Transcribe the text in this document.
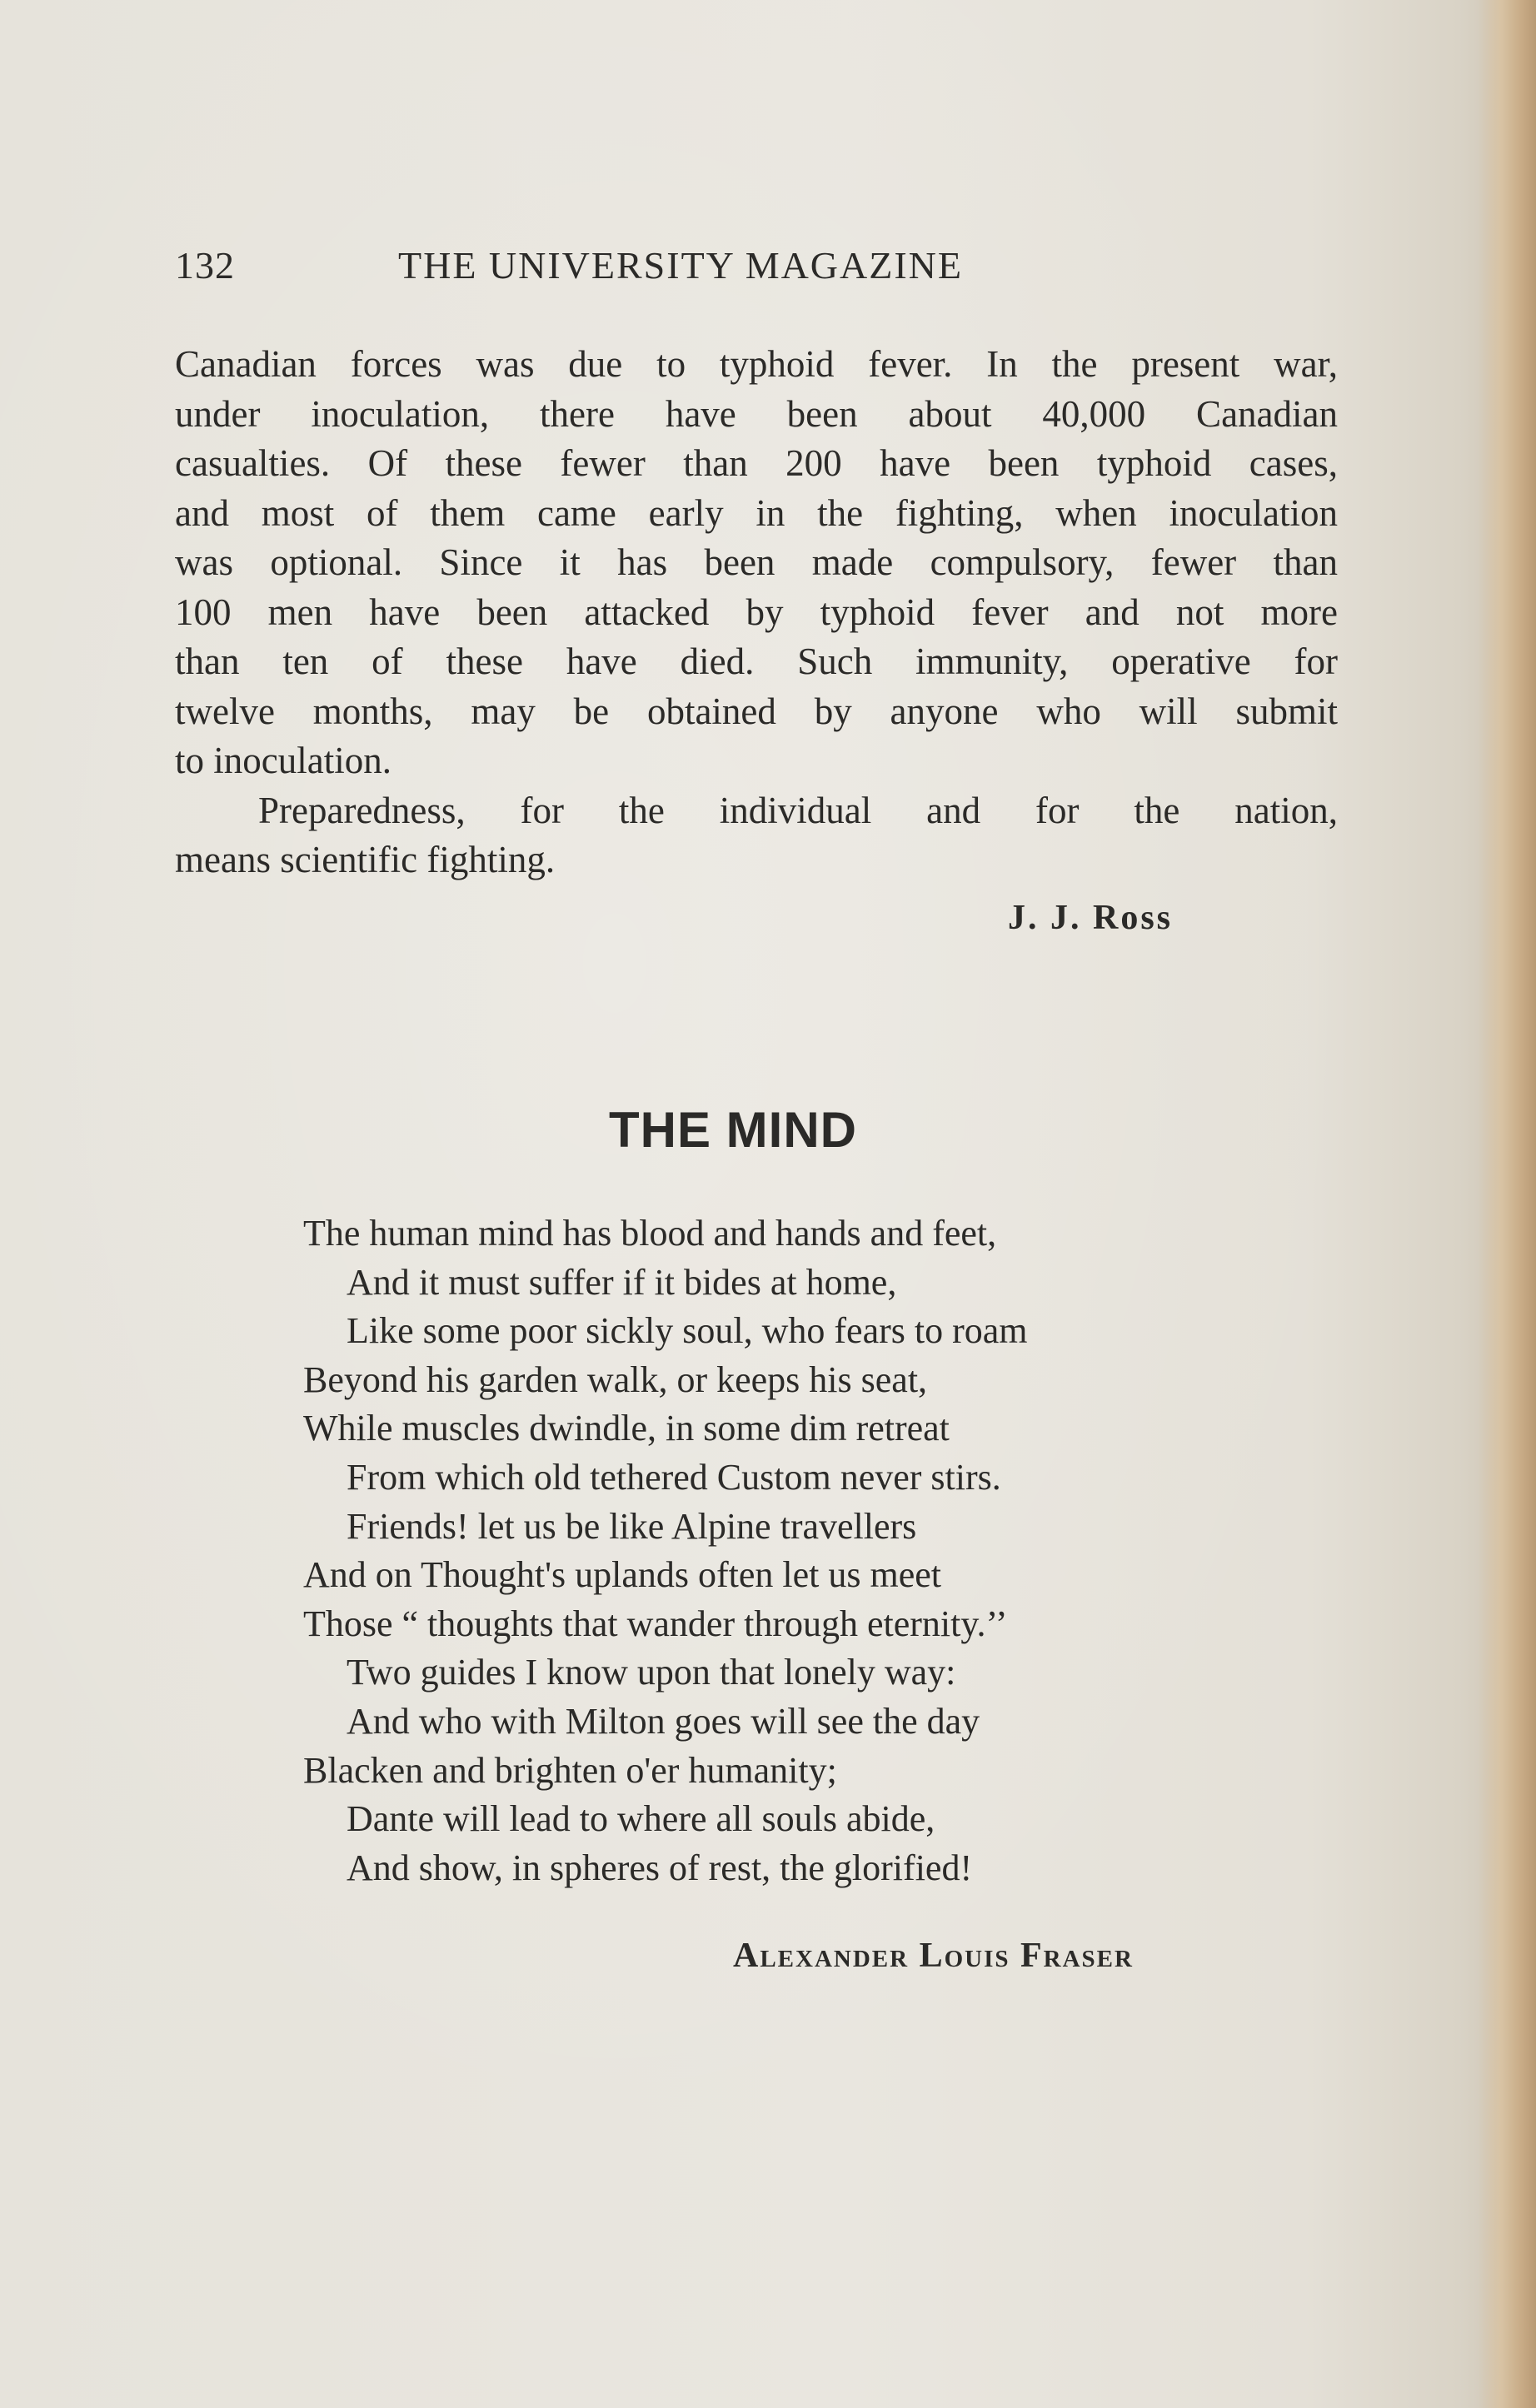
132	THE UNIVERSITY MAGAZINE

Canadian forces was due to typhoid fever. In the present war,
under inoculation, there have been about 40,000 Canadian
casualties. Of these fewer than 200 have been typhoid cases,
and most of them came early in the fighting, when inoculation
was optional. Since it has been made compulsory, fewer than
100 men have been attacked by typhoid fever and not more
than ten of these have died. Such immunity, operative for
twelve months, may be obtained by anyone who will submit
to inoculation.

Preparedness, for the individual and for the nation,
means scientific fighting.

J. J. Ross
THE MIND
The human mind has blood and hands and feet,
And it must suffer if it bides at home,
Like some poor sickly soul, who fears to roam
Beyond his garden walk, or keeps his seat,
While muscles dwindle, in some dim retreat
From which old tethered Custom never stirs.
Friends! let us be like Alpine travellers
And on Thought's uplands often let us meet
Those “ thoughts that wander through eternity.’’
Two guides I know upon that lonely way:
And who with Milton goes will see the day
Blacken and brighten o'er humanity;
Dante will lead to where all souls abide,
And show, in spheres of rest, the glorified!
Alexander Louis Fraser
